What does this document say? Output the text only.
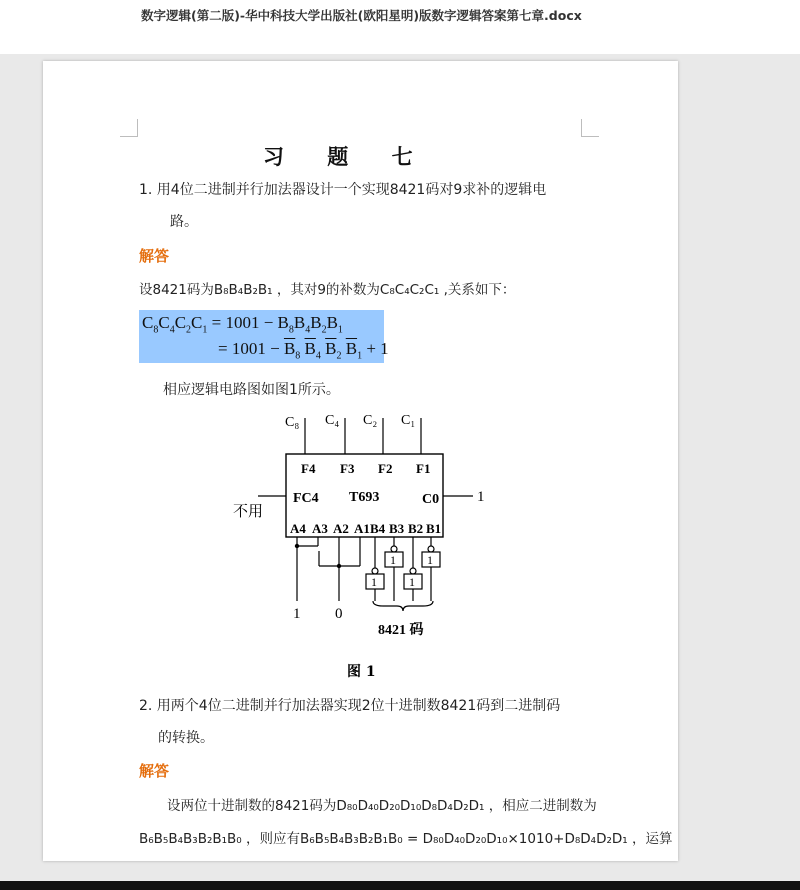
数字逻辑(第二版)-华中科技大学出版社(欧阳星明)版数字逻辑答案第七章.docx
习 题 七
1. 用4位二进制并行加法器设计一个实现8421码对9求补的逻辑电
路。
解答
设8421码为B₈B₄B₂B₁ ，其对9的补数为C₈C₄C₂C₁ ,关系如下：
$C_8C_4C_2C_1 = 1001 - B_8B_4B_2B_1$
= $1001 - \overline{B}_8$ $\overline{B}_4$ $\overline{B}_2$ $\overline{B}_1 + 1$
相应逻辑电路图如图1所示。
C₈ C₄ C₂ C₁
F4 F3 F2 F1
FC4 T693	C0
不用
1
A4 A3 A2 A1 B4 B3 B2 B1
1 0
1
1
1
1
8421 码
图 1
2. 用两个4位二进制并行加法器实现2位十进制数8421码到二进制码
的转换。
解答
设两位十进制数的8421码为D₈₀D₄₀D₂₀D₁₀D₈D₄D₂D₁ ，相应二进制数为
B₆B₅B₄B₃B₂B₁B₀ ，则应有B₆B₅B₄B₃B₂B₁B₀ = D₈₀D₄₀D₂₀D₁₀×1010+D₈D₄D₂D₁ ，运算
